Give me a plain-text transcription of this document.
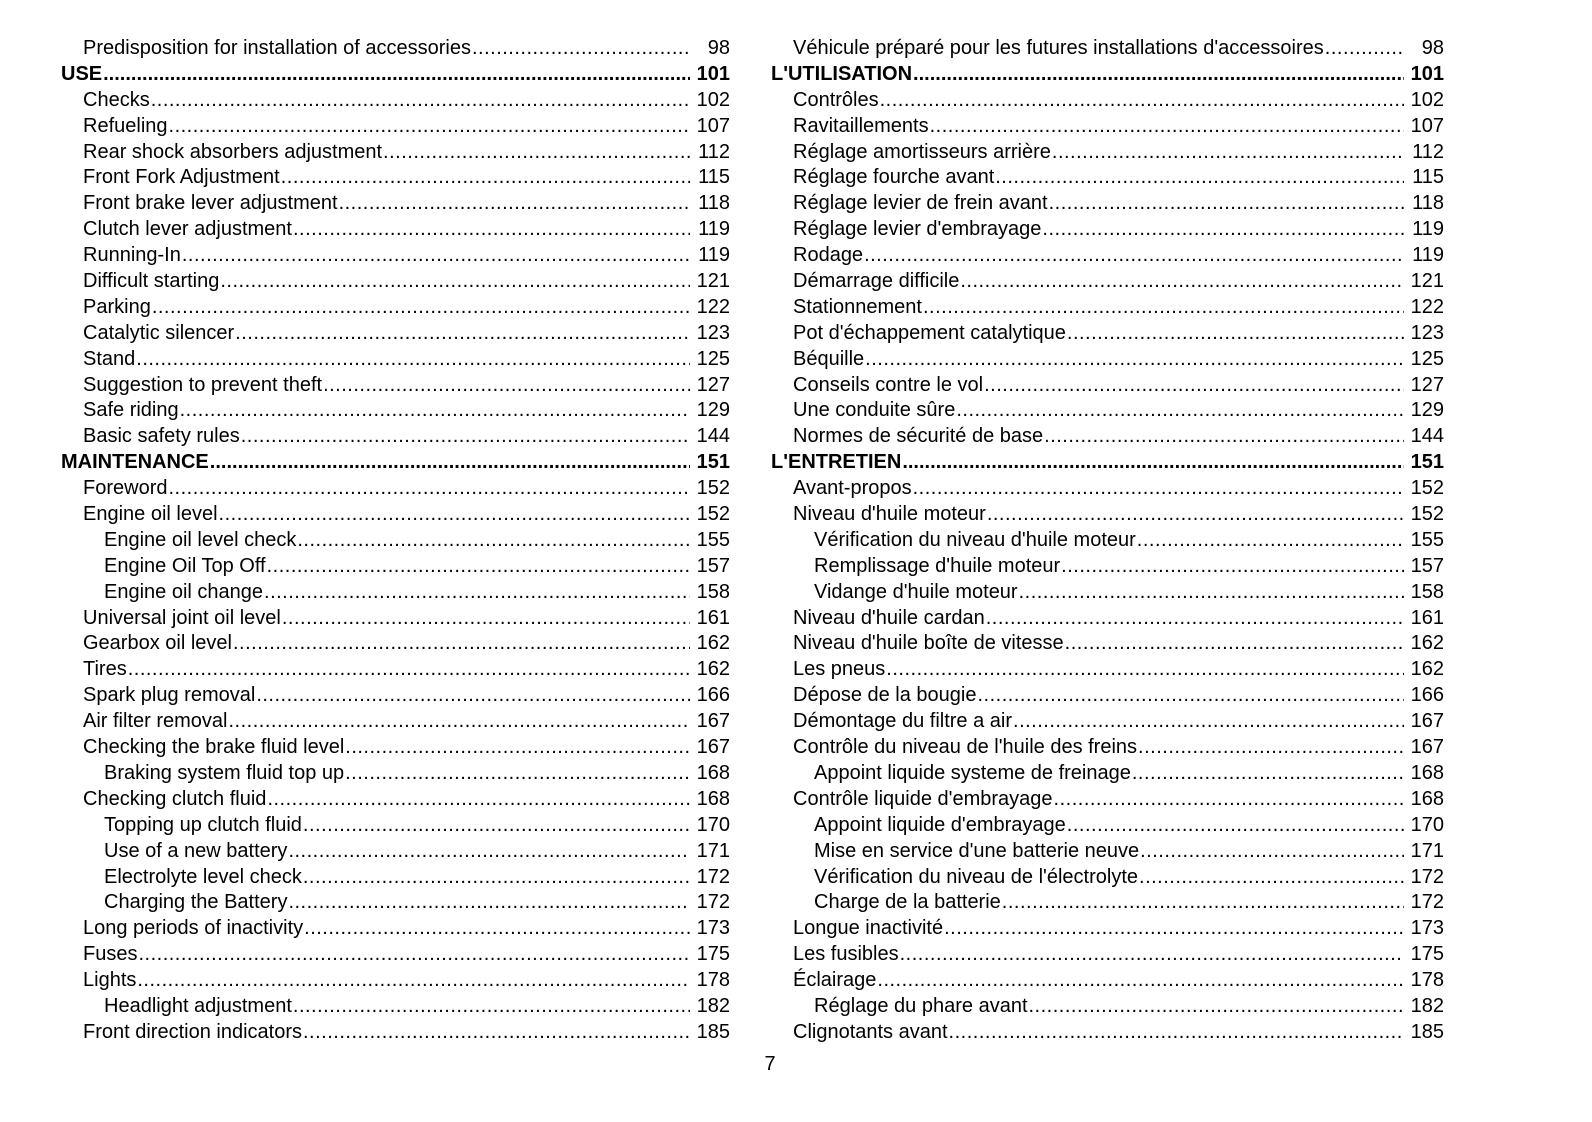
Predisposition for installation of accessories .....	98
USE .....	101
Checks .....	102
Refueling .....	107
Rear shock absorbers adjustment .....	112
Front Fork Adjustment .....	115
Front brake lever adjustment .....	118
Clutch lever adjustment .....	119
Running-In .....	119
Difficult starting .....	121
Parking .....	122
Catalytic silencer .....	123
Stand .....	125
Suggestion to prevent theft .....	127
Safe riding .....	129
Basic safety rules .....	144
MAINTENANCE .....	151
Foreword .....	152
Engine oil level .....	152
Engine oil level check .....	155
Engine Oil Top Off .....	157
Engine oil change .....	158
Universal joint oil level .....	161
Gearbox oil level .....	162
Tires .....	162
Spark plug removal .....	166
Air filter removal .....	167
Checking the brake fluid level .....	167
Braking system fluid top up .....	168
Checking clutch fluid .....	168
Topping up clutch fluid .....	170
Use of a new battery .....	171
Electrolyte level check .....	172
Charging the Battery .....	172
Long periods of inactivity .....	173
Fuses .....	175
Lights .....	178
Headlight adjustment .....	182
Front direction indicators .....	185
Véhicule préparé pour les futures installations d'accessoires .....	98
L'UTILISATION .....	101
Contrôles .....	102
Ravitaillements .....	107
Réglage amortisseurs arrière .....	112
Réglage fourche avant .....	115
Réglage levier de frein avant .....	118
Réglage levier d'embrayage .....	119
Rodage .....	119
Démarrage difficile .....	121
Stationnement .....	122
Pot d'échappement catalytique .....	123
Béquille .....	125
Conseils contre le vol .....	127
Une conduite sûre .....	129
Normes de sécurité de base .....	144
L'ENTRETIEN .....	151
Avant-propos .....	152
Niveau d'huile moteur .....	152
Vérification du niveau d'huile moteur .....	155
Remplissage d'huile moteur .....	157
Vidange d'huile moteur .....	158
Niveau d'huile cardan .....	161
Niveau d'huile boîte de vitesse .....	162
Les pneus .....	162
Dépose de la bougie .....	166
Démontage du filtre a air .....	167
Contrôle du niveau de l'huile des freins .....	167
Appoint liquide systeme de freinage .....	168
Contrôle liquide d'embrayage .....	168
Appoint liquide d'embrayage .....	170
Mise en service d'une batterie neuve .....	171
Vérification du niveau de l'électrolyte .....	172
Charge de la batterie .....	172
Longue inactivité .....	173
Les fusibles .....	175
Éclairage .....	178
Réglage du phare avant .....	182
Clignotants avant .....	185
7
